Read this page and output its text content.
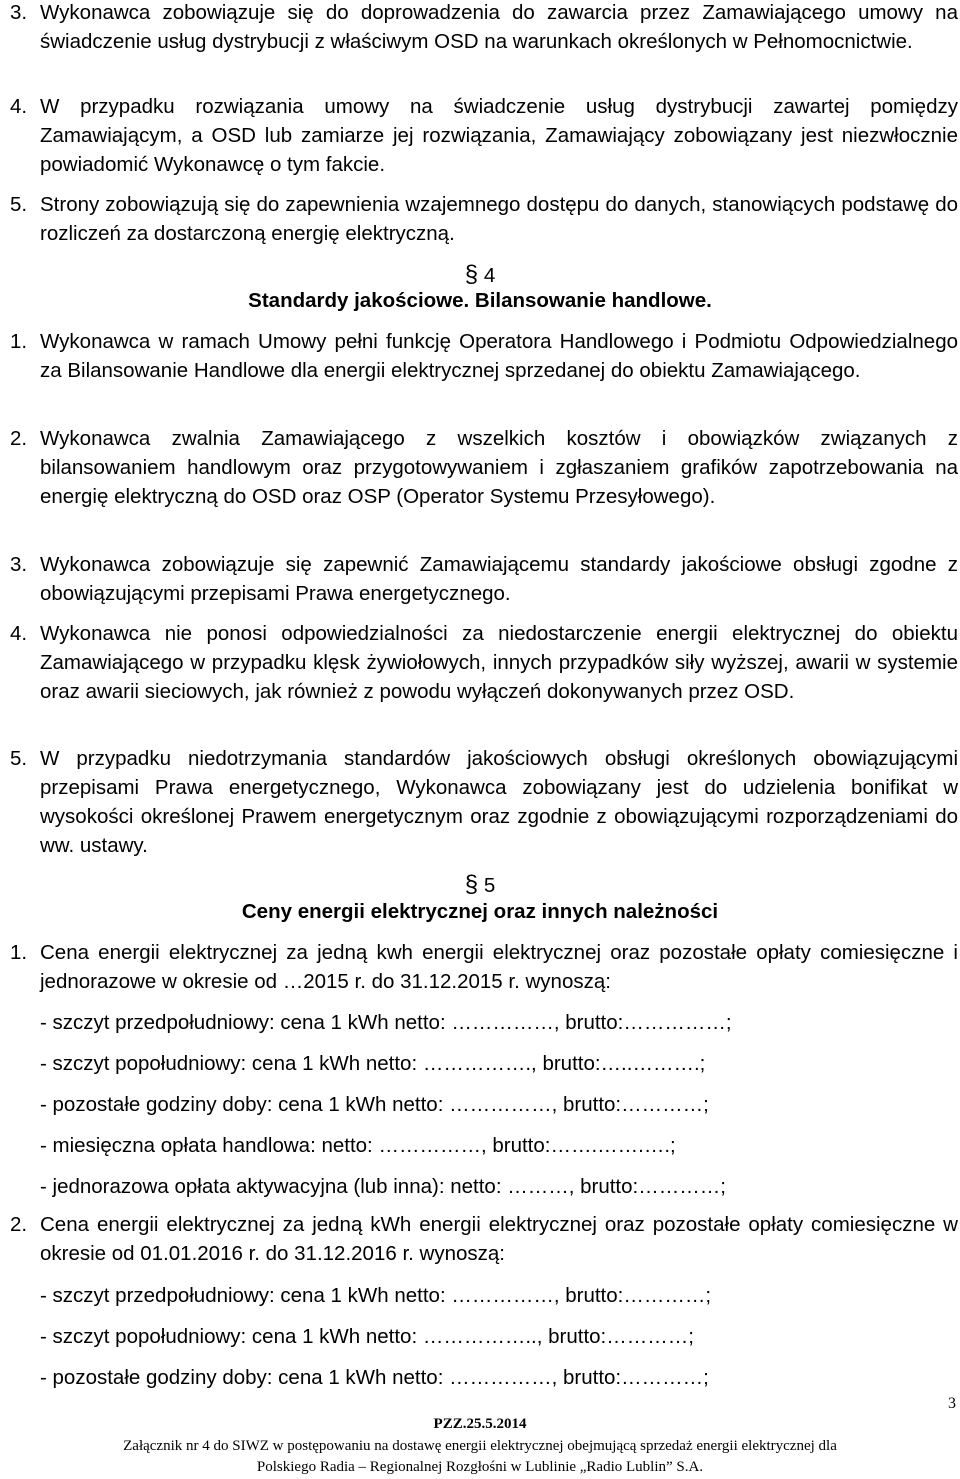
3. Wykonawca zobowiązuje się do doprowadzenia do zawarcia przez Zamawiającego umowy na świadczenie usług dystrybucji z właściwym OSD na warunkach określonych w Pełnomocnictwie.
4. W przypadku rozwiązania umowy na świadczenie usług dystrybucji zawartej pomiędzy Zamawiającym, a OSD lub zamiarze jej rozwiązania, Zamawiający zobowiązany jest niezwłocznie powiadomić Wykonawcę o tym fakcie.
5. Strony zobowiązują się do zapewnienia wzajemnego dostępu do danych, stanowiących podstawę do rozliczeń za dostarczoną energię elektryczną.
§ 4
Standardy jakościowe. Bilansowanie handlowe.
1. Wykonawca w ramach Umowy pełni funkcję Operatora Handlowego i Podmiotu Odpowiedzialnego za Bilansowanie Handlowe dla energii elektrycznej sprzedanej do obiektu Zamawiającego.
2. Wykonawca zwalnia Zamawiającego z wszelkich kosztów i obowiązków związanych z bilansowaniem handlowym oraz przygotowywaniem i zgłaszaniem grafików zapotrzebowania na energię elektryczną do OSD oraz OSP (Operator Systemu Przesyłowego).
3. Wykonawca zobowiązuje się zapewnić Zamawiającemu standardy jakościowe obsługi zgodne z obowiązującymi przepisami Prawa energetycznego.
4. Wykonawca nie ponosi odpowiedzialności za niedostarczenie energii elektrycznej do obiektu Zamawiającego w przypadku klęsk żywiołowych, innych przypadków siły wyższej, awarii w systemie oraz awarii sieciowych, jak również z powodu wyłączeń dokonywanych przez OSD.
5. W przypadku niedotrzymania standardów jakościowych obsługi określonych obowiązującymi przepisami Prawa energetycznego, Wykonawca zobowiązany jest do udzielenia bonifikat w wysokości określonej Prawem energetycznym oraz zgodnie z obowiązującymi rozporządzeniami do ww. ustawy.
§ 5
Ceny energii elektrycznej oraz innych należności
1. Cena energii elektrycznej za jedną kwh energii elektrycznej oraz pozostałe opłaty comiesięczne i jednorazowe w okresie od …2015 r. do 31.12.2015 r. wynoszą:
- szczyt przedpołudniowy: cena 1 kWh netto: ……………, brutto:……………;
- szczyt popołudniowy: cena 1 kWh netto: ……………., brutto:…..……….;
- pozostałe godziny doby: cena 1 kWh netto: ……………, brutto:…………;
- miesięczna opłata handlowa: netto: ……………, brutto:…….…….….;
- jednorazowa opłata aktywacyjna (lub inna): netto: ………, brutto:…………;
2. Cena energii elektrycznej za jedną kWh energii elektrycznej oraz pozostałe opłaty comiesięczne w okresie od 01.01.2016 r. do 31.12.2016 r. wynoszą:
- szczyt przedpołudniowy: cena 1 kWh netto: ……………, brutto:…………;
- szczyt popołudniowy: cena 1 kWh netto: …………….., brutto:…………;
- pozostałe godziny doby: cena 1 kWh netto: ……………, brutto:…………;
3
PZZ.25.5.2014
Załącznik nr 4 do SIWZ w postępowaniu na dostawę energii elektrycznej obejmującą sprzedaż energii elektrycznej dla
Polskiego Radia – Regionalnej Rozgłośni w Lublinie „Radio Lublin” S.A.
